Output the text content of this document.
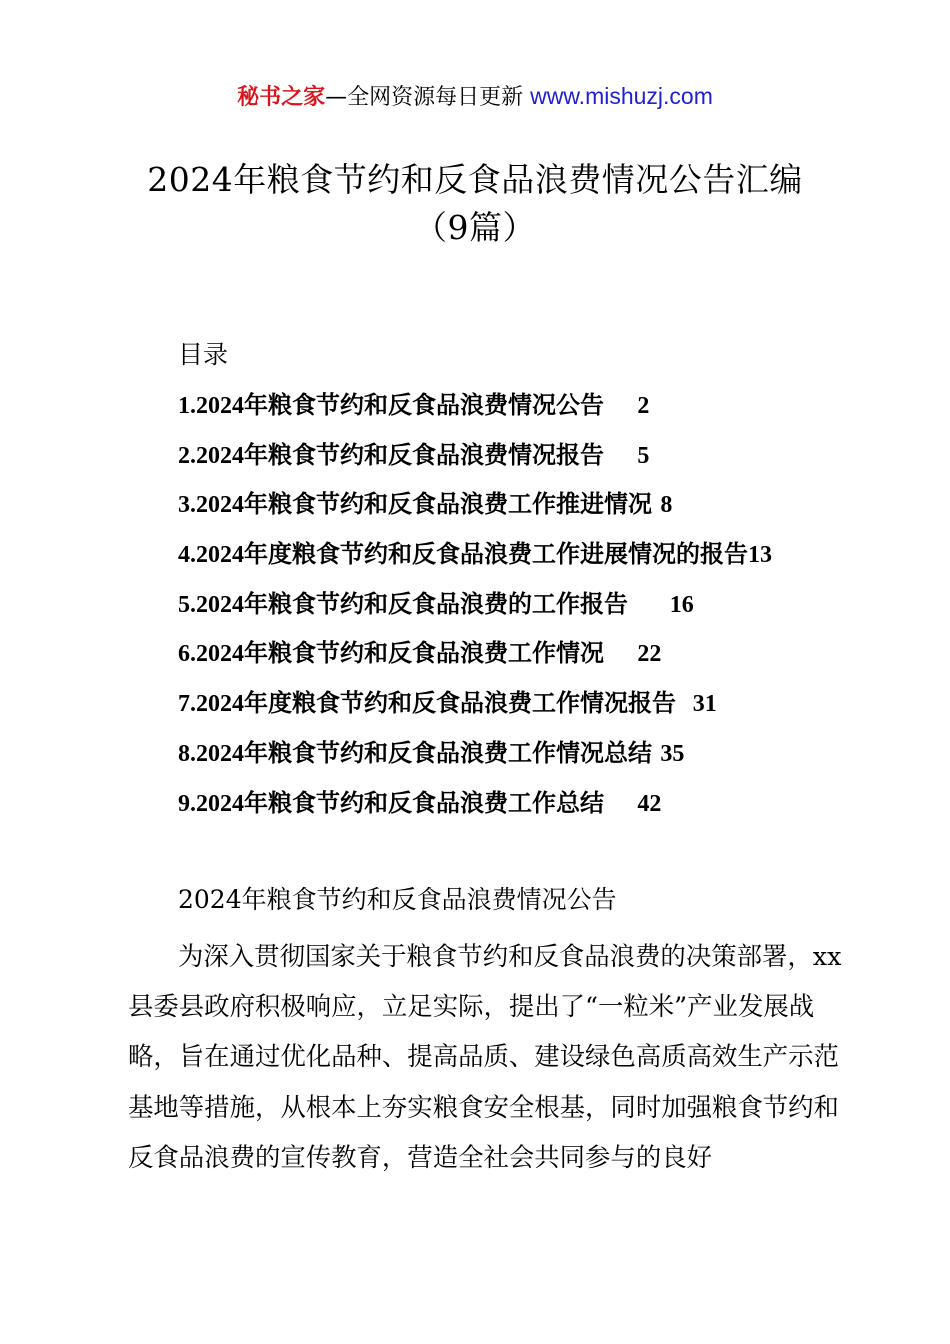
秘书之家—全网资源每日更新 www.mishuzj.com
2024年粮食节约和反食品浪费情况公告汇编
（9篇）
目录
1.2024年粮食节约和反食品浪费情况公告 2
2.2024年粮食节约和反食品浪费情况报告 5
3.2024年粮食节约和反食品浪费工作推进情况 8
4.2024年度粮食节约和反食品浪费工作进展情况的报告13
5.2024年粮食节约和反食品浪费的工作报告 16
6.2024年粮食节约和反食品浪费工作情况 22
7.2024年度粮食节约和反食品浪费工作情况报告 31
8.2024年粮食节约和反食品浪费工作情况总结 35
9.2024年粮食节约和反食品浪费工作总结 42
2024年粮食节约和反食品浪费情况公告

为深入贯彻国家关于粮食节约和反食品浪费的决策部署，xx县委县政府积极响应，立足实际，提出了“一粒米”产业发展战略，旨在通过优化品种、提高品质、建设绿色高质高效生产示范基地等措施，从根本上夯实粮食安全根基，同时加强粮食节约和反食品浪费的宣传教育，营造全社会共同参与的良好
